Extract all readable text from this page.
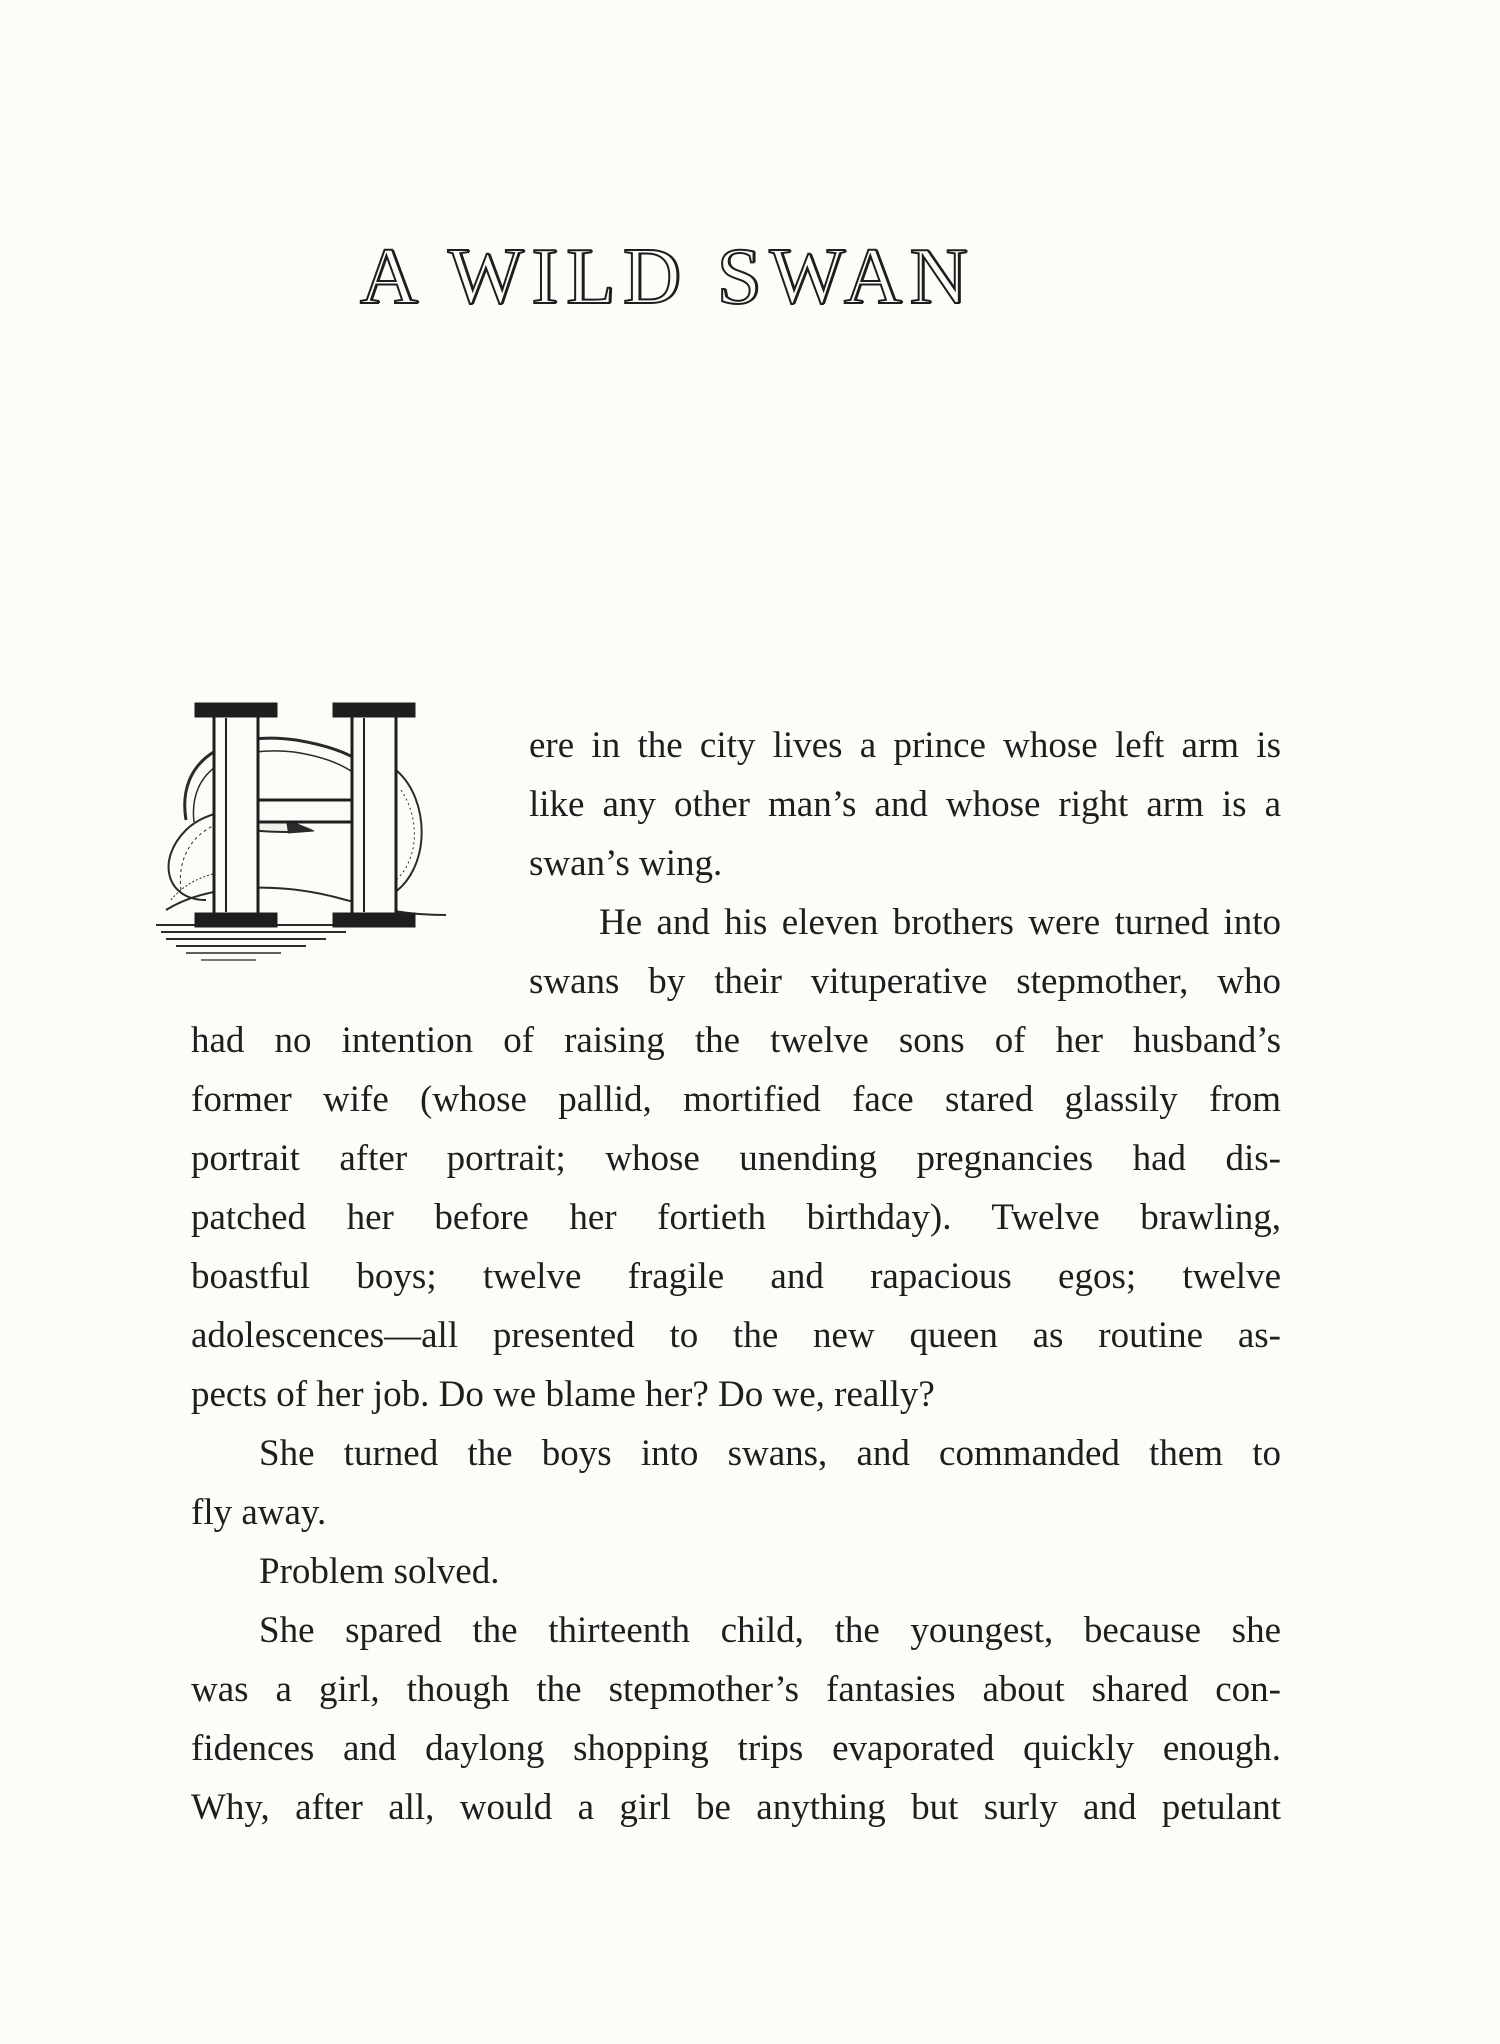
A WILD SWAN
ere in the city lives a prince whose left arm is
like any other man’s and whose right arm is a
swan’s wing.
He and his eleven brothers were turned into
swans by their vituperative stepmother, who
had no intention of raising the twelve sons of her husband’s
former wife (whose pallid, mortified face stared glassily from
portrait after portrait; whose unending pregnancies had dis-
patched her before her fortieth birthday). Twelve brawling,
boastful boys; twelve fragile and rapacious egos; twelve
adolescences—all presented to the new queen as routine as-
pects of her job. Do we blame her? Do we, really?
She turned the boys into swans, and commanded them to
fly away.
Problem solved.
She spared the thirteenth child, the youngest, because she
was a girl, though the stepmother’s fantasies about shared con-
fidences and daylong shopping trips evaporated quickly enough.
Why, after all, would a girl be anything but surly and petulant
